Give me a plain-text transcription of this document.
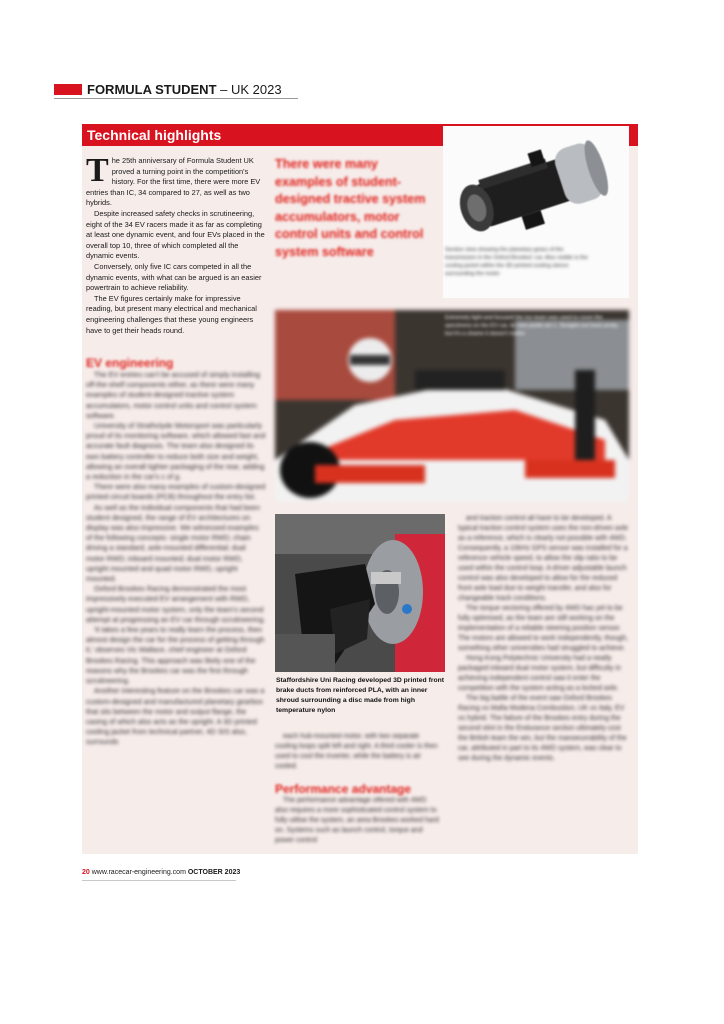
FORMULA STUDENT – UK 2023
Technical highlights

The 25th anniversary of Formula Student UK proved a turning point in the competition's history. For the first time, there were more EV entries than IC, 34 compared to 27, as well as two hybrids.

Despite increased safety checks in scrutineering, eight of the 34 EV racers made it as far as completing at least one dynamic event, and four EVs placed in the overall top 10, three of which completed all the dynamic events.

Conversely, only five IC cars competed in all the dynamic events, with what can be argued is an easier powertrain to achieve reliability.

The EV figures certainly make for impressive reading, but present many electrical and mechanical engineering challenges that these young engineers have to get their heads round.

There were many examples of student-designed tractive system accumulators, motor control units and control system software
EV engineering

The EV entries can't be accused of simply installing off-the-shelf components either, as there were many examples of student-designed tractive system accumulators, motor control units and control system software.

University of Strathclyde Motorsport was particularly proud of its monitoring software, which allowed fast and accurate fault diagnosis. The team also designed its own battery controller to reduce both size and weight, allowing an overall tighter packaging of the rear, adding a reduction in the car's c of g.

There were also many examples of custom-designed printed circuit boards (PCB) throughout the entry list.

As well as the individual components that had been student designed, the range of EV architectures on display was also impressive. We witnessed examples of the following concepts: single motor RWD; chain driving a standard, axle-mounted differential; dual motor RWD; inboard mounted; dual motor RWD, upright mounted and quad motor RWD, upright mounted.

Oxford Brookes Racing demonstrated the most impressively executed EV arrangement with RWD, upright-mounted motor system, only the team's second attempt at progressing an EV car through scrutineering.

'It takes a few years to really learn the process, then almost design the car for the process of getting through it,' observes Vic Wallace, chief engineer at Oxford Brookes Racing. This approach was likely one of the reasons why the Brookes car was the first through scrutineering.

Another interesting feature on the Brookes car was a custom-designed and manufactured planetary gearbox that sits between the motor and output flange, the casing of which also acts as the upright. A 3D printed cooling jacket from technical partner, 4D SIS also, surrounds

Section view showing the planetary gears of the transmission in the Oxford Brookes' car. Also visible is the cooling jacket within the 3D printed cooling sleeve surrounding the motor
Extremely tight and focused the Ion team was used to cover the specimens on the EV car, its new pedal set 1. Straight-out track pretty, but it's a shame it doesn't matter
Staffordshire Uni Racing developed 3D printed front brake ducts from reinforced PLA, with an inner shroud surrounding a disc made from high temperature nylon

each hub-mounted motor, with two separate cooling loops split left and right. A third cooler is then used to cool the inverter, while the battery is air cooled.

Performance advantage

The performance advantage offered with 4WD also requires a more sophisticated control system to fully utilise the system, an area Brookes worked hard on. Systems such as launch control, torque and power control

and traction control all have to be developed. A typical traction control system uses the non-driven axle as a reference, which is clearly not possible with 4WD. Consequently, a 10kHz GPS sensor was installed for a reference vehicle speed, to allow the slip ratio to be used within the control loop. A driver adjustable launch control was also developed to allow for the reduced front axle load due to weight transfer, and also for changeable track conditions.

The torque vectoring offered by 4WD has yet to be fully optimised, as the team are still working on the implementation of a reliable steering position sensor. The motors are allowed to work independently, though, something other universities had struggled to achieve.

Hong Kong Polytechnic University had a neatly packaged inboard dual motor system, but difficulty in achieving independent control saw it enter the competition with the system acting as a locked axle.

The big battle of the event saw Oxford Brookes Racing vs Mafia Modena Combustion, UK vs Italy, EV vs hybrid. The failure of the Brookes entry during the second stint in the Endurance section ultimately cost the British team the win, but the manoeuvrability of the car, attributed in part to its 4WD system, was clear to see during the dynamic events.

20 www.racecar-engineering.com OCTOBER 2023
